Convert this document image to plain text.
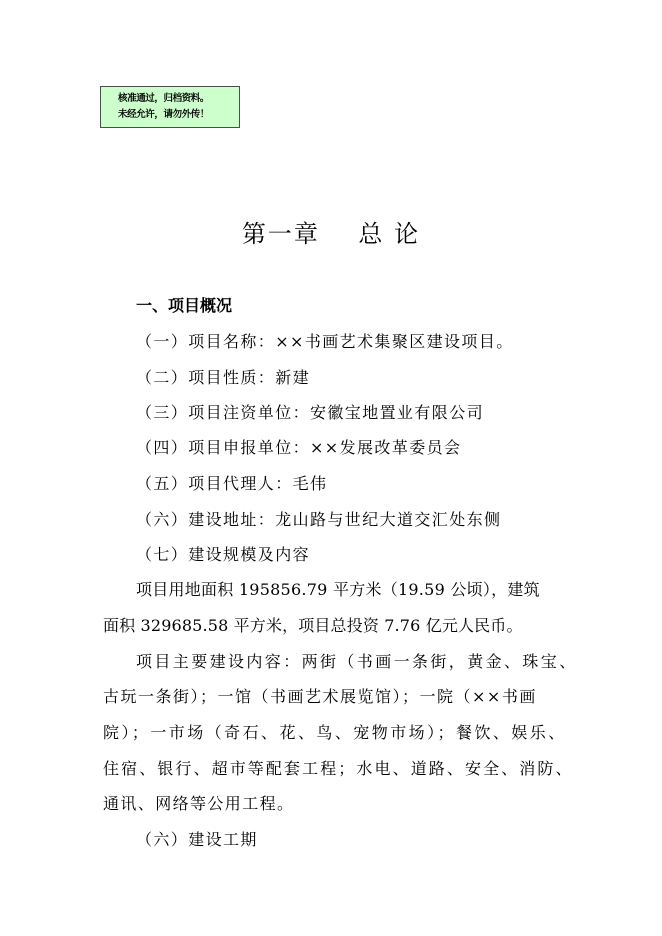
核准通过，归档资料。
未经允许，请勿外传！
第一章    总 论
一、项目概况
（一）项目名称：××书画艺术集聚区建设项目。
（二）项目性质：新建
（三）项目注资单位：安徽宝地置业有限公司
（四）项目申报单位：××发展改革委员会
（五）项目代理人：毛伟
（六）建设地址：龙山路与世纪大道交汇处东侧
（七）建设规模及内容
项目用地面积 195856.79 平方米（19.59 公顷），建筑
面积 329685.58 平方米，项目总投资 7.76 亿元人民币。
项目主要建设内容：两街（书画一条街，黄金、珠宝、
古玩一条街）；一馆（书画艺术展览馆）；一院（××书画
院）；一市场（奇石、花、鸟、宠物市场）；餐饮、娱乐、
住宿、银行、超市等配套工程；水电、道路、安全、消防、
通讯、网络等公用工程。
（六）建设工期
